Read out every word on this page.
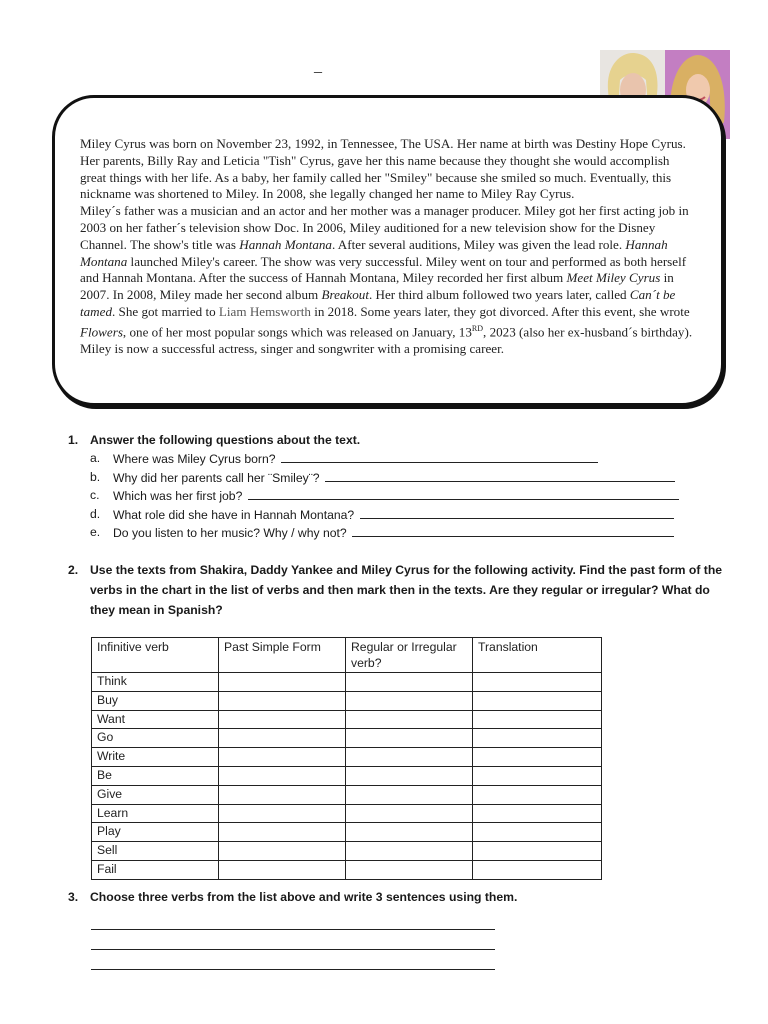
_

Miley Cyrus was born on November 23, 1992, in Tennessee, The USA. Her name at birth was Destiny Hope Cyrus. Her parents, Billy Ray and Leticia "Tish" Cyrus, gave her this name because they thought she would accomplish great things with her life. As a baby, her family called her "Smiley" because she smiled so much. Eventually, this nickname was shortened to Miley. In 2008, she legally changed her name to Miley Ray Cyrus.

Miley´s father was a musician and an actor and her mother was a manager producer. Miley got her first acting job in 2003 on her father´s television show Doc. In 2006, Miley auditioned for a new television show for the Disney Channel. The show's title was Hannah Montana. After several auditions, Miley was given the lead role. Hannah Montana launched Miley's career. The show was very successful. Miley went on tour and performed as both herself and Hannah Montana. After the success of Hannah Montana, Miley recorded her first album Meet Miley Cyrus in 2007. In 2008, Miley made her second album Breakout. Her third album followed two years later, called Can´t be tamed. She got married to Liam Hemsworth in 2018. Some years later, they got divorced. After this event, she wrote Flowers, one of her most popular songs which was released on January, 13RD, 2023 (also her ex-husband´s birthday). Miley is now a successful actress, singer and songwriter with a promising career.

1. Answer the following questions about the text.
a. Where was Miley Cyrus born?
b. Why did her parents call her ¨Smiley¨?
c. Which was her first job?
d. What role did she have in Hannah Montana?
e. Do you listen to her music? Why / why not?
2. Use the texts from Shakira, Daddy Yankee and Miley Cyrus for the following activity. Find the past form of the verbs in the chart in the list of verbs and then mark then in the texts. Are they regular or irregular? What do they mean in Spanish?
Infinitive verb	Past Simple Form	Regular or Irregular verb?	Translation
Think			
Buy			
Want			
Go			
Write			
Be			
Give			
Learn			
Play			
Sell			
Fail			
3. Choose three verbs from the list above and write 3 sentences using them.
